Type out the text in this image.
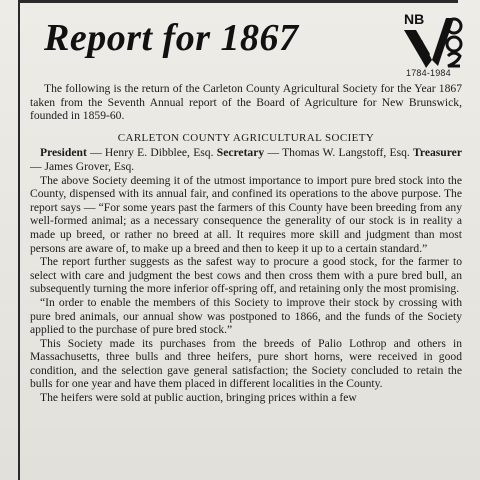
Report for 1867	NB
1784-1984

The following is the return of the Carleton County Agricultural Society for the Year 1867 taken from the Seventh Annual report of the Board of Agriculture for New Brunswick, founded in 1859-60.

CARLETON COUNTY AGRICULTURAL SOCIETY

President — Henry E. Dibblee, Esq. Secretary — Thomas W. Langstoff, Esq. Treasurer — James Grover, Esq.

The above Society deeming it of the utmost importance to import pure bred stock into the County, dispensed with its annual fair, and confined its operations to the above purpose. The report says — “For some years past the farmers of this County have been breeding from any well-formed animal; as a necessary consequence the generality of our stock is in reality a made up breed, or rather no breed at all. It requires more skill and judgment than most persons are aware of, to make up a breed and then to keep it up to a certain standard.”

The report further suggests as the safest way to procure a good stock, for the farmer to select with care and judgment the best cows and then cross them with a pure bred bull, an subsequently turning the more inferior off-spring off, and retaining only the most promising.

“In order to enable the members of this Society to improve their stock by crossing with pure bred animals, our annual show was postponed to 1866, and the funds of the Society applied to the purchase of pure bred stock.”

This Society made its purchases from the breeds of Palio Lothrop and others in Massachusetts, three bulls and three heifers, pure short horns, were received in good condition, and the selection gave general satisfaction; the Society concluded to retain the bulls for one year and have them placed in different localities in the County.

The heifers were sold at public auction, bringing prices within a few
